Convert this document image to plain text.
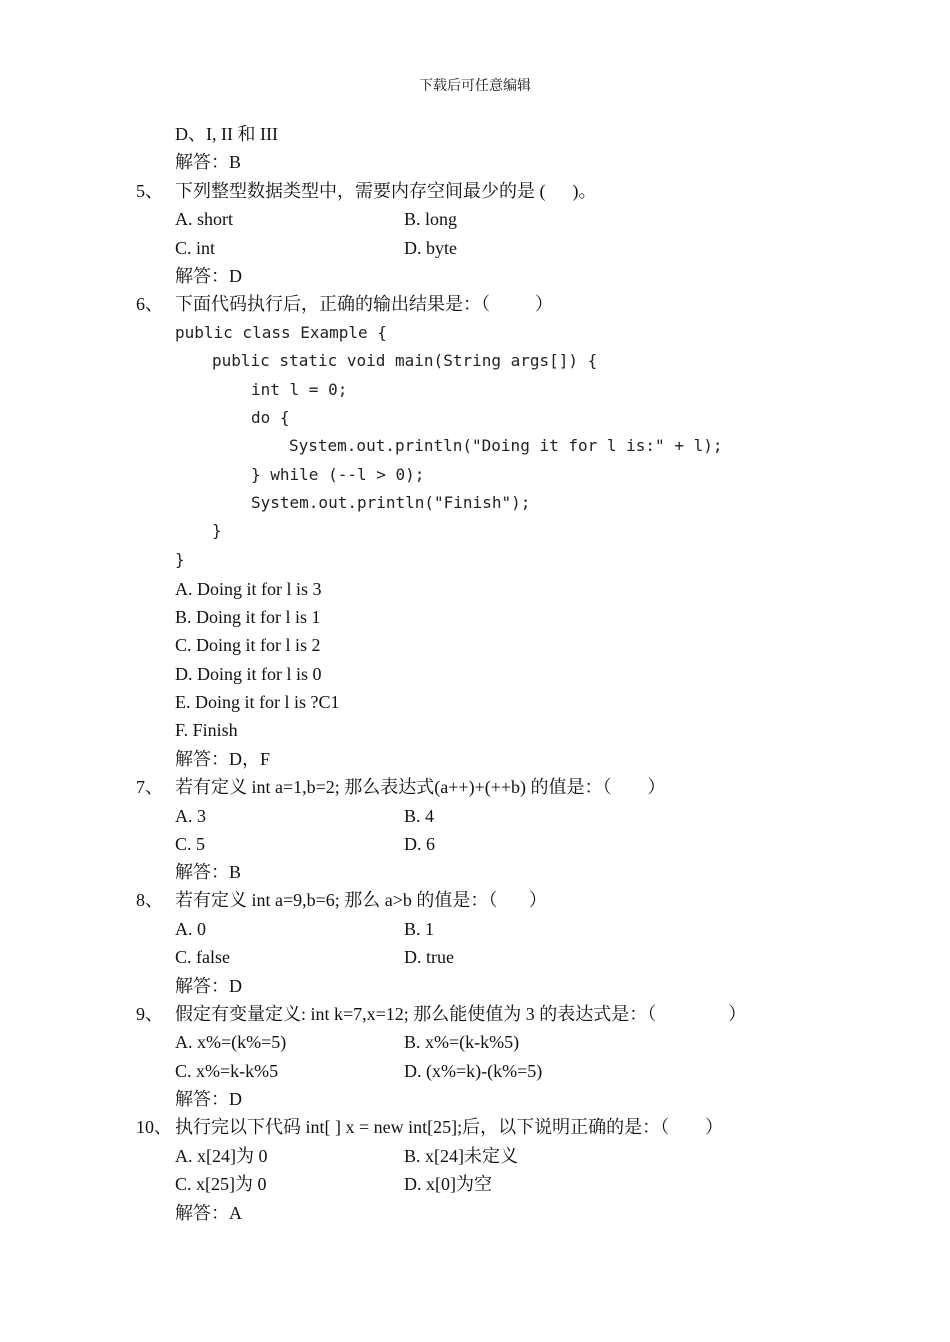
下载后可任意编辑
D、I, II 和 III
解答：B
5、 下列整型数据类型中，需要内存空间最少的是 (      )。
A. short	B. long
C. int	D. byte
解答：D
6、 下面代码执行后，正确的输出结果是：（          ）
public class Example {
public static void main(String args[]) {
int l = 0;
do {
System.out.println("Doing it for l is:" + l);
} while (--l > 0);
System.out.println("Finish");
}
}
A. Doing it for l is 3
B. Doing it for l is 1
C. Doing it for l is 2
D. Doing it for l is 0
E. Doing it for l is ?C1
F. Finish
解答：D，F
7、 若有定义 int a=1,b=2; 那么表达式(a++)+(++b) 的值是：（        ）
A. 3	B. 4
C. 5	D. 6
解答：B
8、 若有定义 int a=9,b=6; 那么 a>b 的值是：（       ）
A. 0	B. 1
C. false	D. true
解答：D
9、 假定有变量定义: int k=7,x=12; 那么能使值为 3 的表达式是：（                ）
A. x%=(k%=5)	B. x%=(k-k%5)
C. x%=k-k%5	D. (x%=k)-(k%=5)
解答：D
10、 执行完以下代码 int[ ] x = new int[25];后，以下说明正确的是：（        ）
A. x[24]为 0	B. x[24]未定义
C. x[25]为 0	D. x[0]为空
解答：A
